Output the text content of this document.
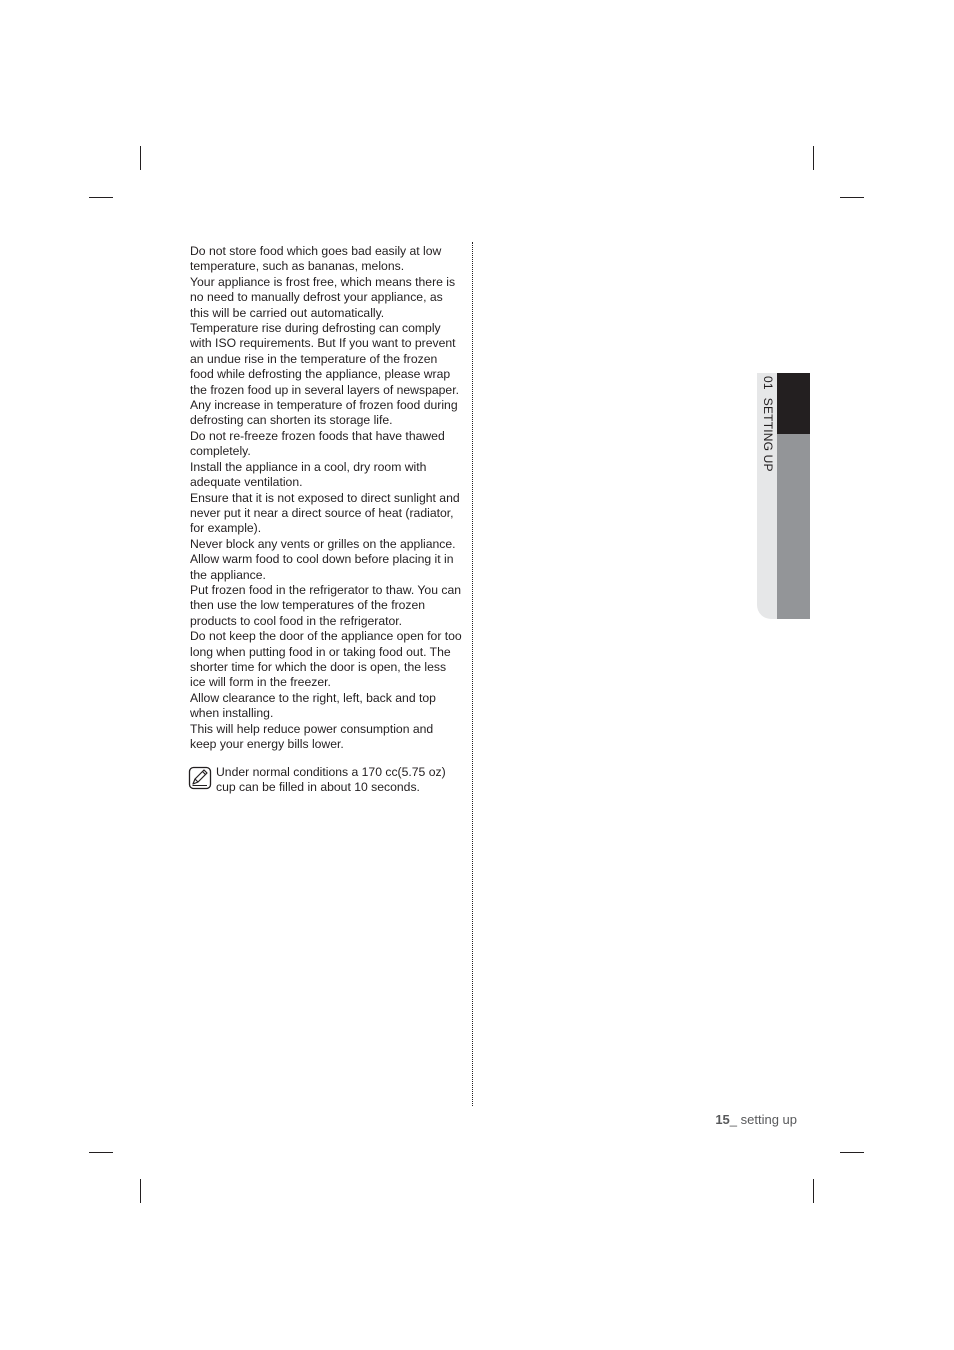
Do not store food which goes bad easily at low temperature, such as bananas, melons.

Your appliance is frost free, which means there is no need to manually defrost your appliance, as this will be carried out automatically.

Temperature rise during defrosting can comply with ISO requirements. But If you want to prevent an undue rise in the temperature of the frozen food while defrosting the appliance, please wrap the frozen food up in several layers of newspaper.

Any increase in temperature of frozen food during defrosting can shorten its storage life.

Do not re-freeze frozen foods that have thawed completely.

Install the appliance in a cool, dry room with adequate ventilation.

Ensure that it is not exposed to direct sunlight and never put it near a direct source of heat (radiator, for example).

Never block any vents or grilles on the appliance.

Allow warm food to cool down before placing it in the appliance.

Put frozen food in the refrigerator to thaw. You can then use the low temperatures of the frozen products to cool food in the refrigerator.

Do not keep the door of the appliance open for too long when putting food in or taking food out. The shorter time for which the door is open, the less ice will form in the freezer.

Allow clearance to the right, left, back and top when installing.

This will help reduce power consumption and keep your energy bills lower.

Under normal conditions a 170 cc(5.75 oz) cup can be filled in about 10 seconds.
01SETTING UP
15_ setting up
